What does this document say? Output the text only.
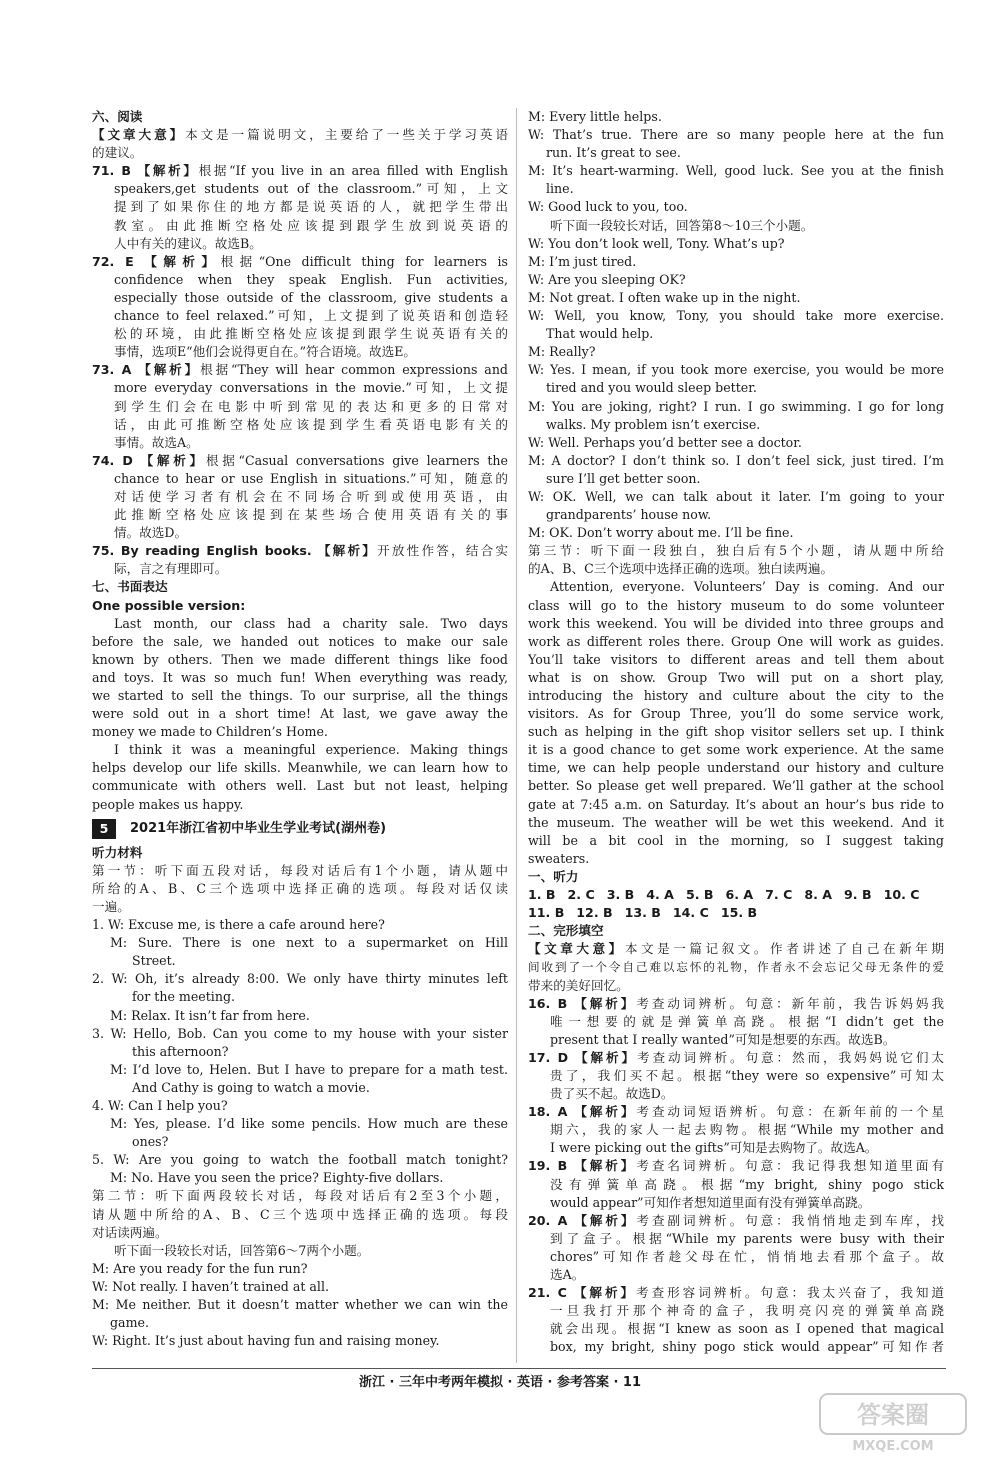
六、阅读
【文章大意】本文是一篇说明文，主要给了一些关于学习英语
的建议。
71. B 【解析】根据“If you live in an area filled with English
speakers,get students out of the classroom.”可知，上文
提到了如果你住的地方都是说英语的人，就把学生带出
教室。由此推断空格处应该提到跟学生放到说英语的
人中有关的建议。故选B。
72. E 【解析】根据“One difficult thing for learners is
confidence when they speak English. Fun activities,
especially those outside of the classroom, give students a
chance to feel relaxed.”可知，上文提到了说英语和创造轻
松的环境，由此推断空格处应该提到跟学生说英语有关的
事情，选项E“他们会说得更自在。”符合语境。故选E。
73. A 【解析】根据“They will hear common expressions and
more everyday conversations in the movie.”可知，上文提
到学生们会在电影中听到常见的表达和更多的日常对
话，由此可推断空格处应该提到学生看英语电影有关的
事情。故选A。
74. D 【解析】根据“Casual conversations give learners the
chance to hear or use English in situations.”可知，随意的
对话使学习者有机会在不同场合听到或使用英语，由
此推断空格处应该提到在某些场合使用英语有关的事
情。故选D。
75. By reading English books. 【解析】开放性作答，结合实
际，言之有理即可。
七、书面表达
One possible version:
Last month, our class had a charity sale. Two days
before the sale, we handed out notices to make our sale
known by others. Then we made different things like food
and toys. It was so much fun! When everything was ready,
we started to sell the things. To our surprise, all the things
were sold out in a short time! At last, we gave away the
money we made to Children’s Home.
I think it was a meaningful experience. Making things
helps develop our life skills. Meanwhile, we can learn how to
communicate with others well. Last but not least, helping
people makes us happy.
5	2021年浙江省初中毕业生学业考试(湖州卷)
听力材料
第一节：听下面五段对话，每段对话后有1个小题，请从题中
所给的A、B、C三个选项中选择正确的选项。每段对话仅读
一遍。
1. W: Excuse me, is there a cafe around here?
M: Sure. There is one next to a supermarket on Hill
Street.
2. W: Oh, it’s already 8:00. We only have thirty minutes left
for the meeting.
M: Relax. It isn’t far from here.
3. W: Hello, Bob. Can you come to my house with your sister
this afternoon?
M: I’d love to, Helen. But I have to prepare for a math test.
And Cathy is going to watch a movie.
4. W: Can I help you?
M: Yes, please. I’d like some pencils. How much are these
ones?
5. W: Are you going to watch the football match tonight?
M: No. Have you seen the price? Eighty-five dollars.
第二节：听下面两段较长对话，每段对话后有2至3个小题，
请从题中所给的A、B、C三个选项中选择正确的选项。每段
对话读两遍。
听下面一段较长对话，回答第6～7两个小题。
M: Are you ready for the fun run?
W: Not really. I haven’t trained at all.
M: Me neither. But it doesn’t matter whether we can win the
game.
W: Right. It’s just about having fun and raising money.
M: Every little helps.
W: That’s true. There are so many people here at the fun
run. It’s great to see.
M: It’s heart-warming. Well, good luck. See you at the finish
line.
W: Good luck to you, too.
听下面一段较长对话，回答第8～10三个小题。
W: You don’t look well, Tony. What’s up?
M: I’m just tired.
W: Are you sleeping OK?
M: Not great. I often wake up in the night.
W: Well, you know, Tony, you should take more exercise.
That would help.
M: Really?
W: Yes. I mean, if you took more exercise, you would be more
tired and you would sleep better.
M: You are joking, right? I run. I go swimming. I go for long
walks. My problem isn’t exercise.
W: Well. Perhaps you’d better see a doctor.
M: A doctor? I don’t think so. I don’t feel sick, just tired. I’m
sure I’ll get better soon.
W: OK. Well, we can talk about it later. I’m going to your
grandparents’ house now.
M: OK. Don’t worry about me. I’ll be fine.
第三节：听下面一段独白，独白后有5个小题，请从题中所给
的A、B、C三个选项中选择正确的选项。独白读两遍。
Attention, everyone. Volunteers’ Day is coming. And our
class will go to the history museum to do some volunteer
work this weekend. You will be divided into three groups and
work as different roles there. Group One will work as guides.
You’ll take visitors to different areas and tell them about
what is on show. Group Two will put on a short play,
introducing the history and culture about the city to the
visitors. As for Group Three, you’ll do some service work,
such as helping in the gift shop visitor sellers set up. I think
it is a good chance to get some work experience. At the same
time, we can help people understand our history and culture
better. So please get well prepared. We’ll gather at the school
gate at 7:45 a.m. on Saturday. It’s about an hour’s bus ride to
the museum. The weather will be wet this weekend. And it
will be a bit cool in the morning, so I suggest taking
sweaters.
一、听力
1. B 2. C 3. B 4. A 5. B 6. A 7. C 8. A 9. B 10. C
11. B 12. B 13. B 14. C 15. B
二、完形填空
【文章大意】本文是一篇记叙文。作者讲述了自己在新年期
间收到了一个令自己难以忘怀的礼物，作者永不会忘记父母无条件的爱
带来的美好回忆。
16. B 【解析】考查动词辨析。句意：新年前，我告诉妈妈我
唯一想要的就是弹簧单高跷。根据“I didn’t get the
present that I really wanted”可知是想要的东西。故选B。
17. D 【解析】考查动词辨析。句意：然而，我妈妈说它们太
贵了，我们买不起。根据“they were so expensive”可知太
贵了买不起。故选D。
18. A 【解析】考查动词短语辨析。句意：在新年前的一个星
期六，我的家人一起去购物。根据“While my mother and
I were picking out the gifts”可知是去购物了。故选A。
19. B 【解析】考查名词辨析。句意：我记得我想知道里面有
没有弹簧单高跷。根据“my bright, shiny pogo stick
would appear”可知作者想知道里面有没有弹簧单高跷。
20. A 【解析】考查副词辨析。句意：我悄悄地走到车库，找
到了盒子。根据“While my parents were busy with their
chores”可知作者趁父母在忙，悄悄地去看那个盒子。故
选A。
21. C 【解析】考查形容词辨析。句意：我太兴奋了，我知道
一旦我打开那个神奇的盒子，我明亮闪亮的弹簧单高跷
就会出现。根据“I knew as soon as I opened that magical
box, my bright, shiny pogo stick would appear”可知作者
浙江 · 三年中考两年模拟 · 英语 · 参考答案 · 11
答案圈
MXQE.COM
